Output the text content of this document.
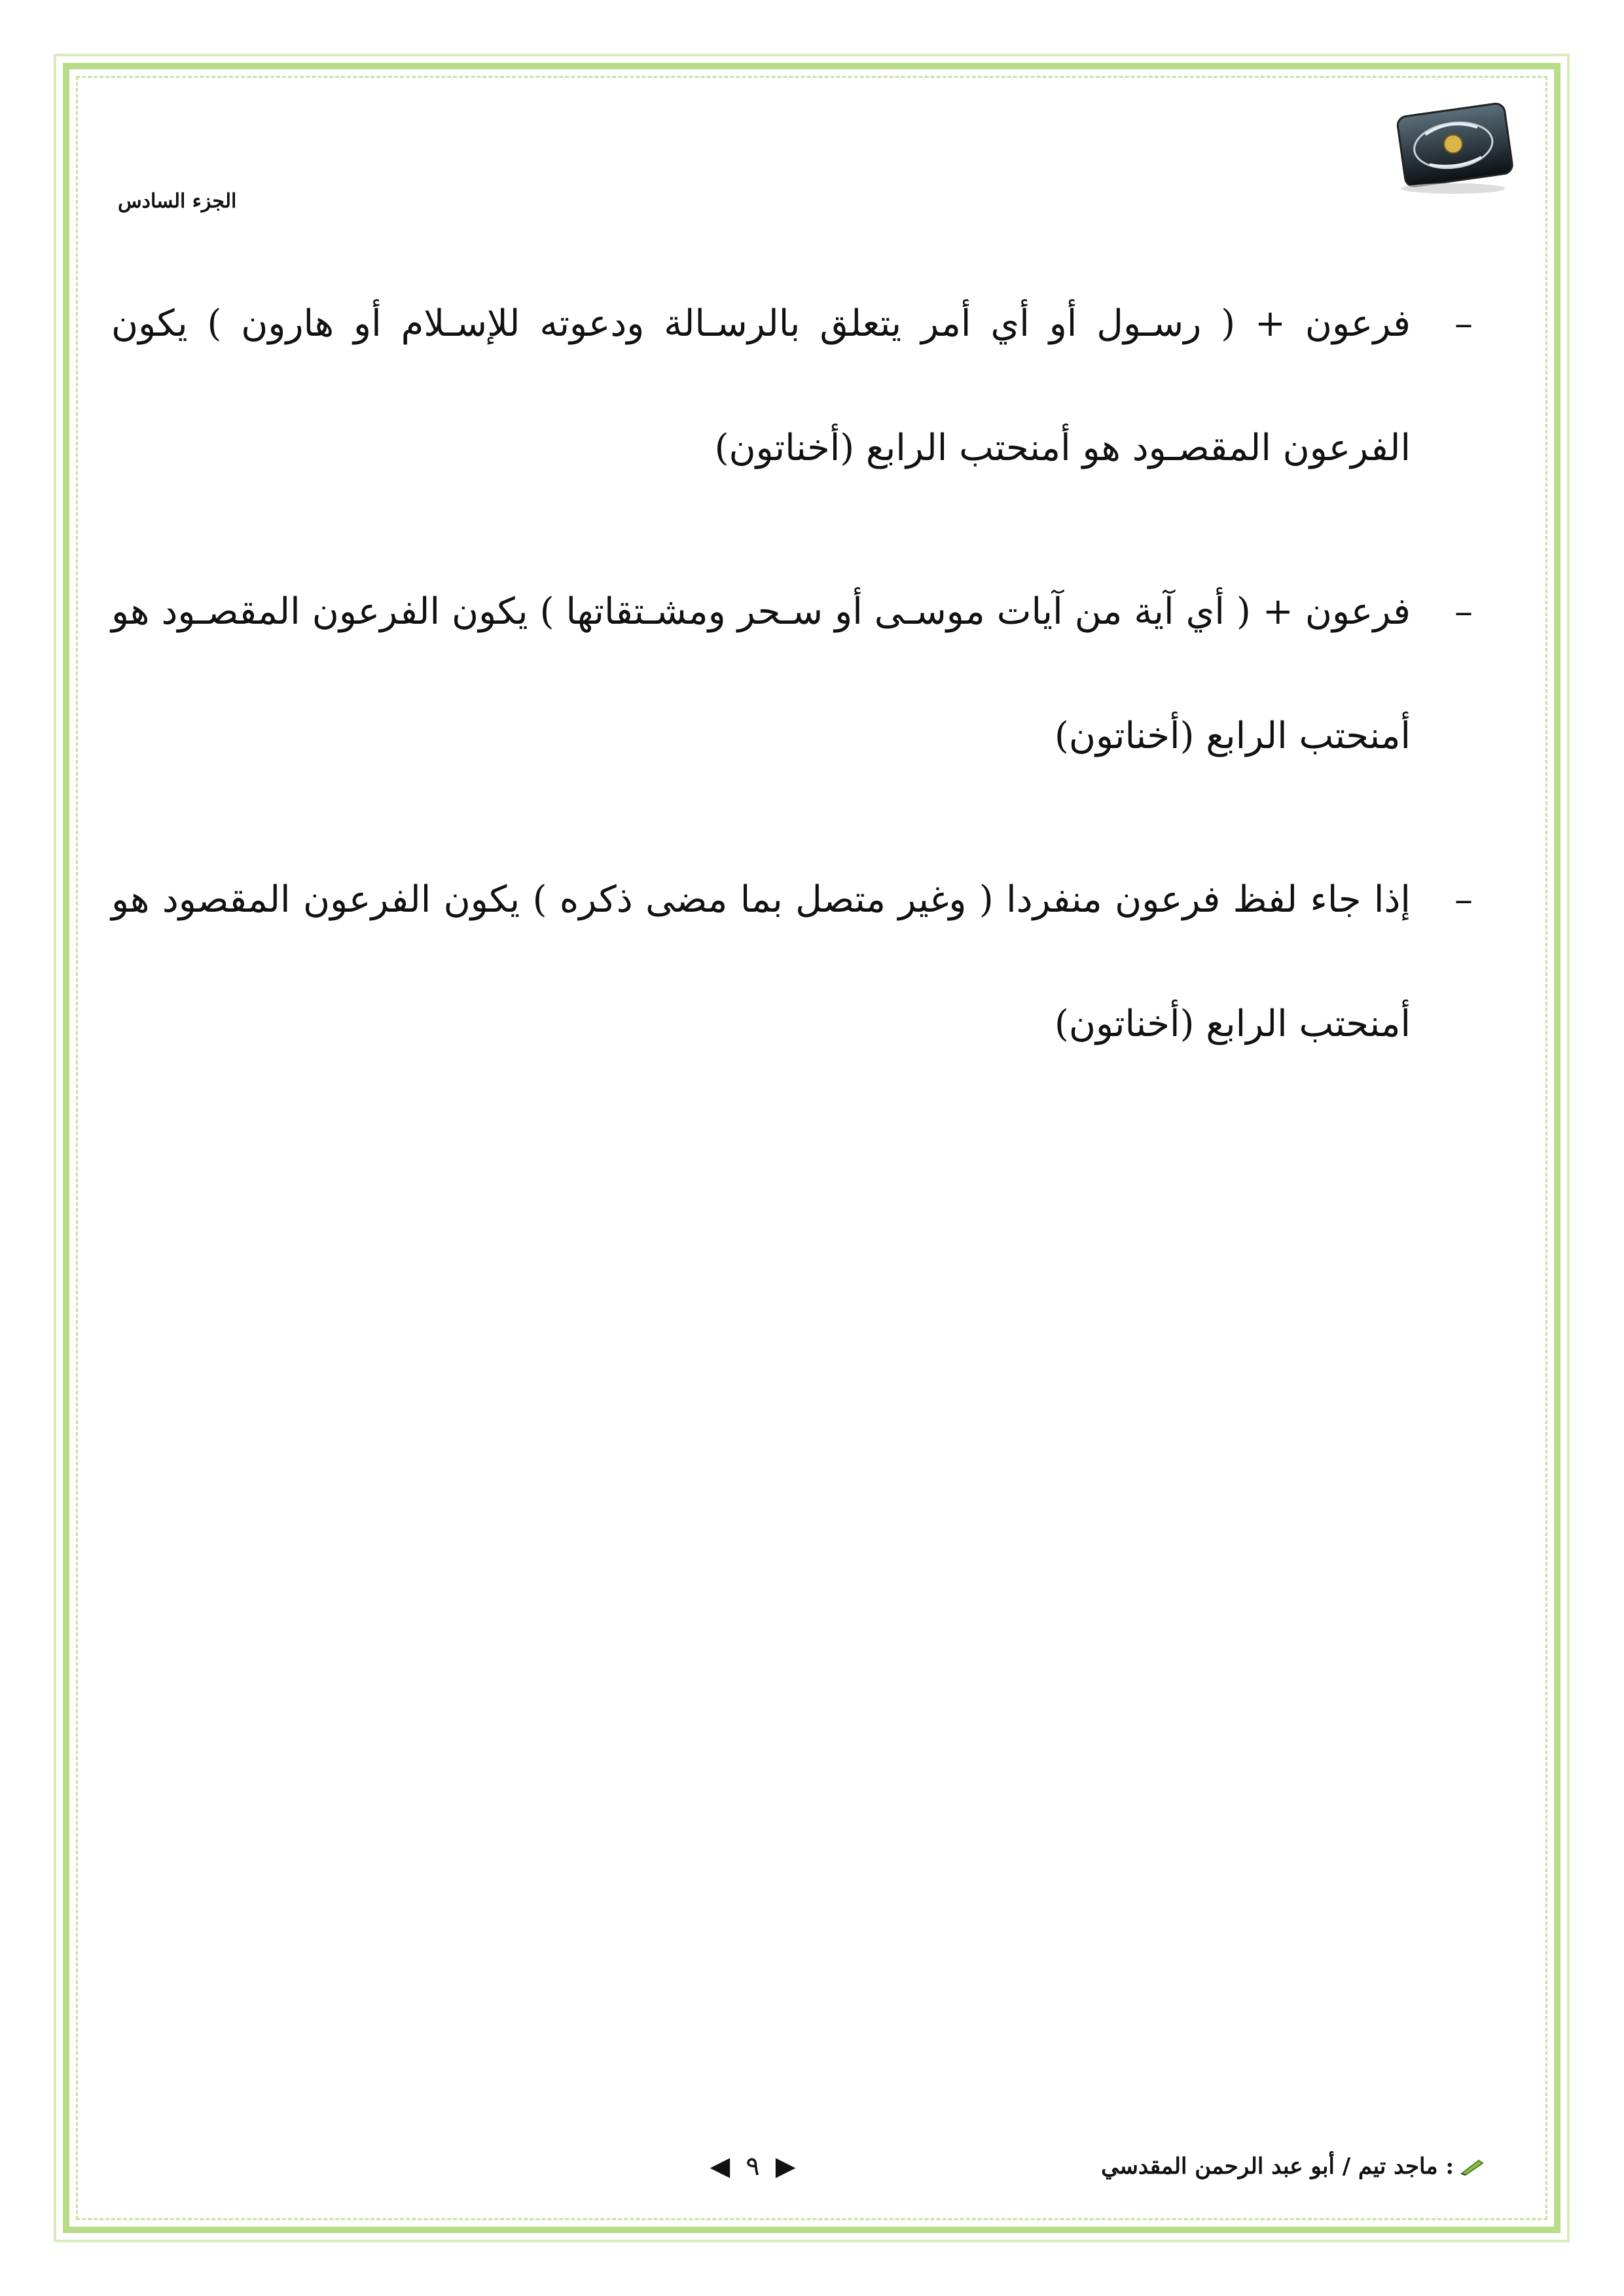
الجزء السادس
–
فرعون + ( رسـول أو أي أمر يتعلق بالرسـالة ودعوته للإسـلام أو هارون ) يكون الفرعون المقصـود هو أمنحتب الرابع (أخناتون)
–
فرعون + ( أي آية من آيات موسـى أو سـحر ومشـتقاتها ) يكون الفرعون المقصـود هو أمنحتب الرابع (أخناتون)
–
إذا جاء لفظ فرعون منفردا ( وغير متصل بما مضى ذكره ) يكون الفرعون المقصود هو أمنحتب الرابع (أخناتون)
▶
٩
◀	: ماجد تيم / أبو عبد الرحمن المقدسي
